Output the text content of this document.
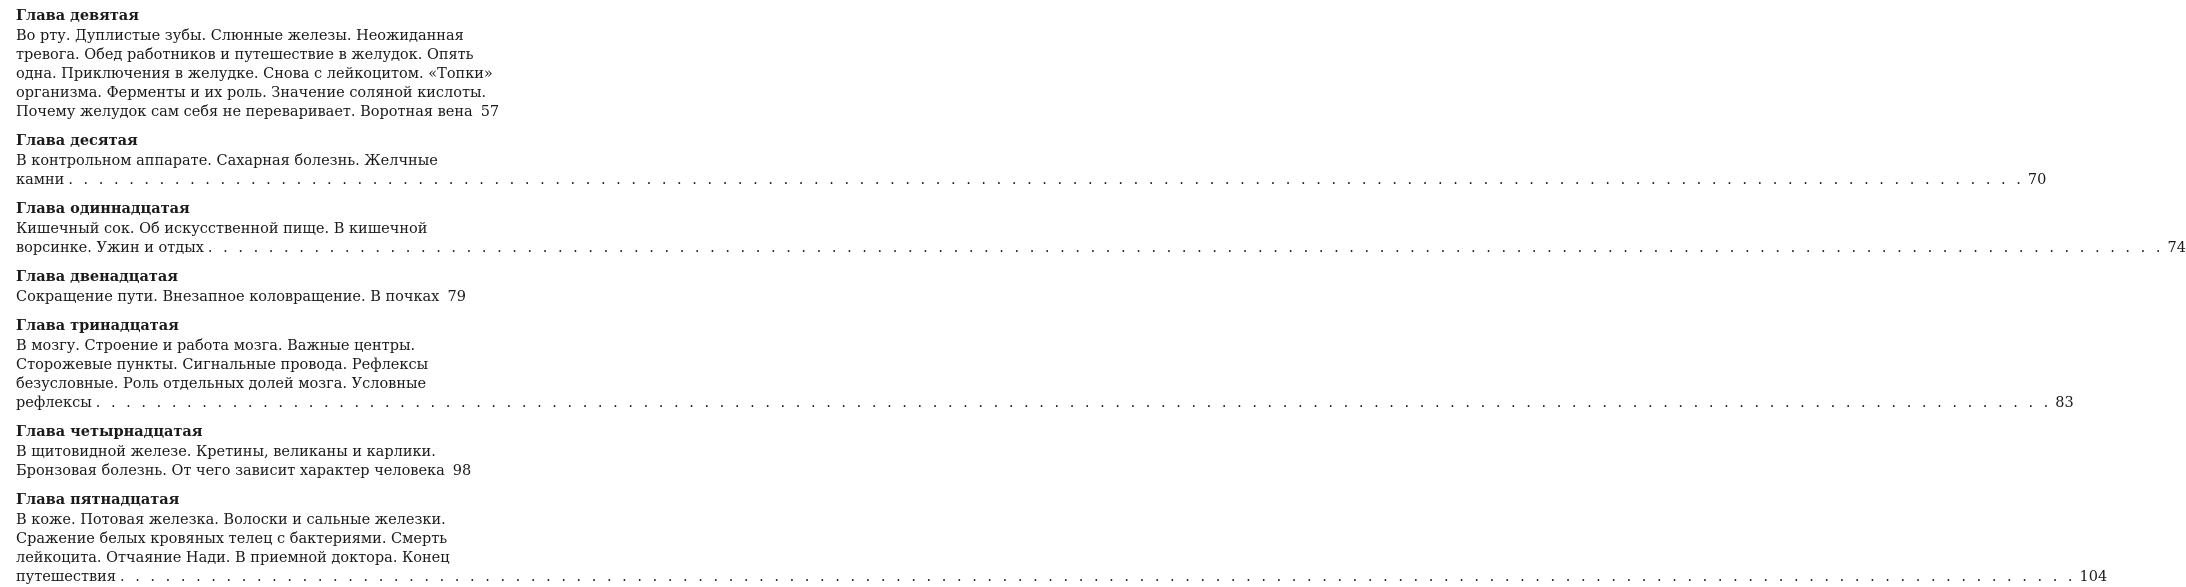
Глава девятая
Во рту. Дуплистые зубы. Слюнные железы. Неожиданная
тревога. Обед работников и путешествие в желудок. Опять
одна. Приключения в желудке. Снова с лейкоцитом. «Топки»
организма. Ферменты и их роль. Значение соляной кислоты.
Почему желудок сам себя не переваривает. Воротная вена 57
Глава десятая
В контрольном аппарате. Сахарная болезнь. Желчные
камни . . .	70
Глава одиннадцатая
Кишечный сок. Об искусственной пище. В кишечной
ворсинке. Ужин и отдых . . .	74
Глава двенадцатая
Сокращение пути. Внезапное коловращение. В почках . . . 79
Глава тринадцатая
В мозгу. Строение и работа мозга. Важные центры.
Сторожевые пункты. Сигнальные провода. Рефлексы
безусловные. Роль отдельных долей мозга. Условные
рефлексы . . .	83
Глава четырнадцатая
В щитовидной железе. Кретины, великаны и карлики.
Бронзовая болезнь. От чего зависит характер человека 98
Глава пятнадцатая
В коже. Потовая железка. Волоски и сальные железки.
Сражение белых кровяных телец с бактериями. Смерть
лейкоцита. Отчаяние Нади. В приемной доктора. Конец
путешествия . . .	104
